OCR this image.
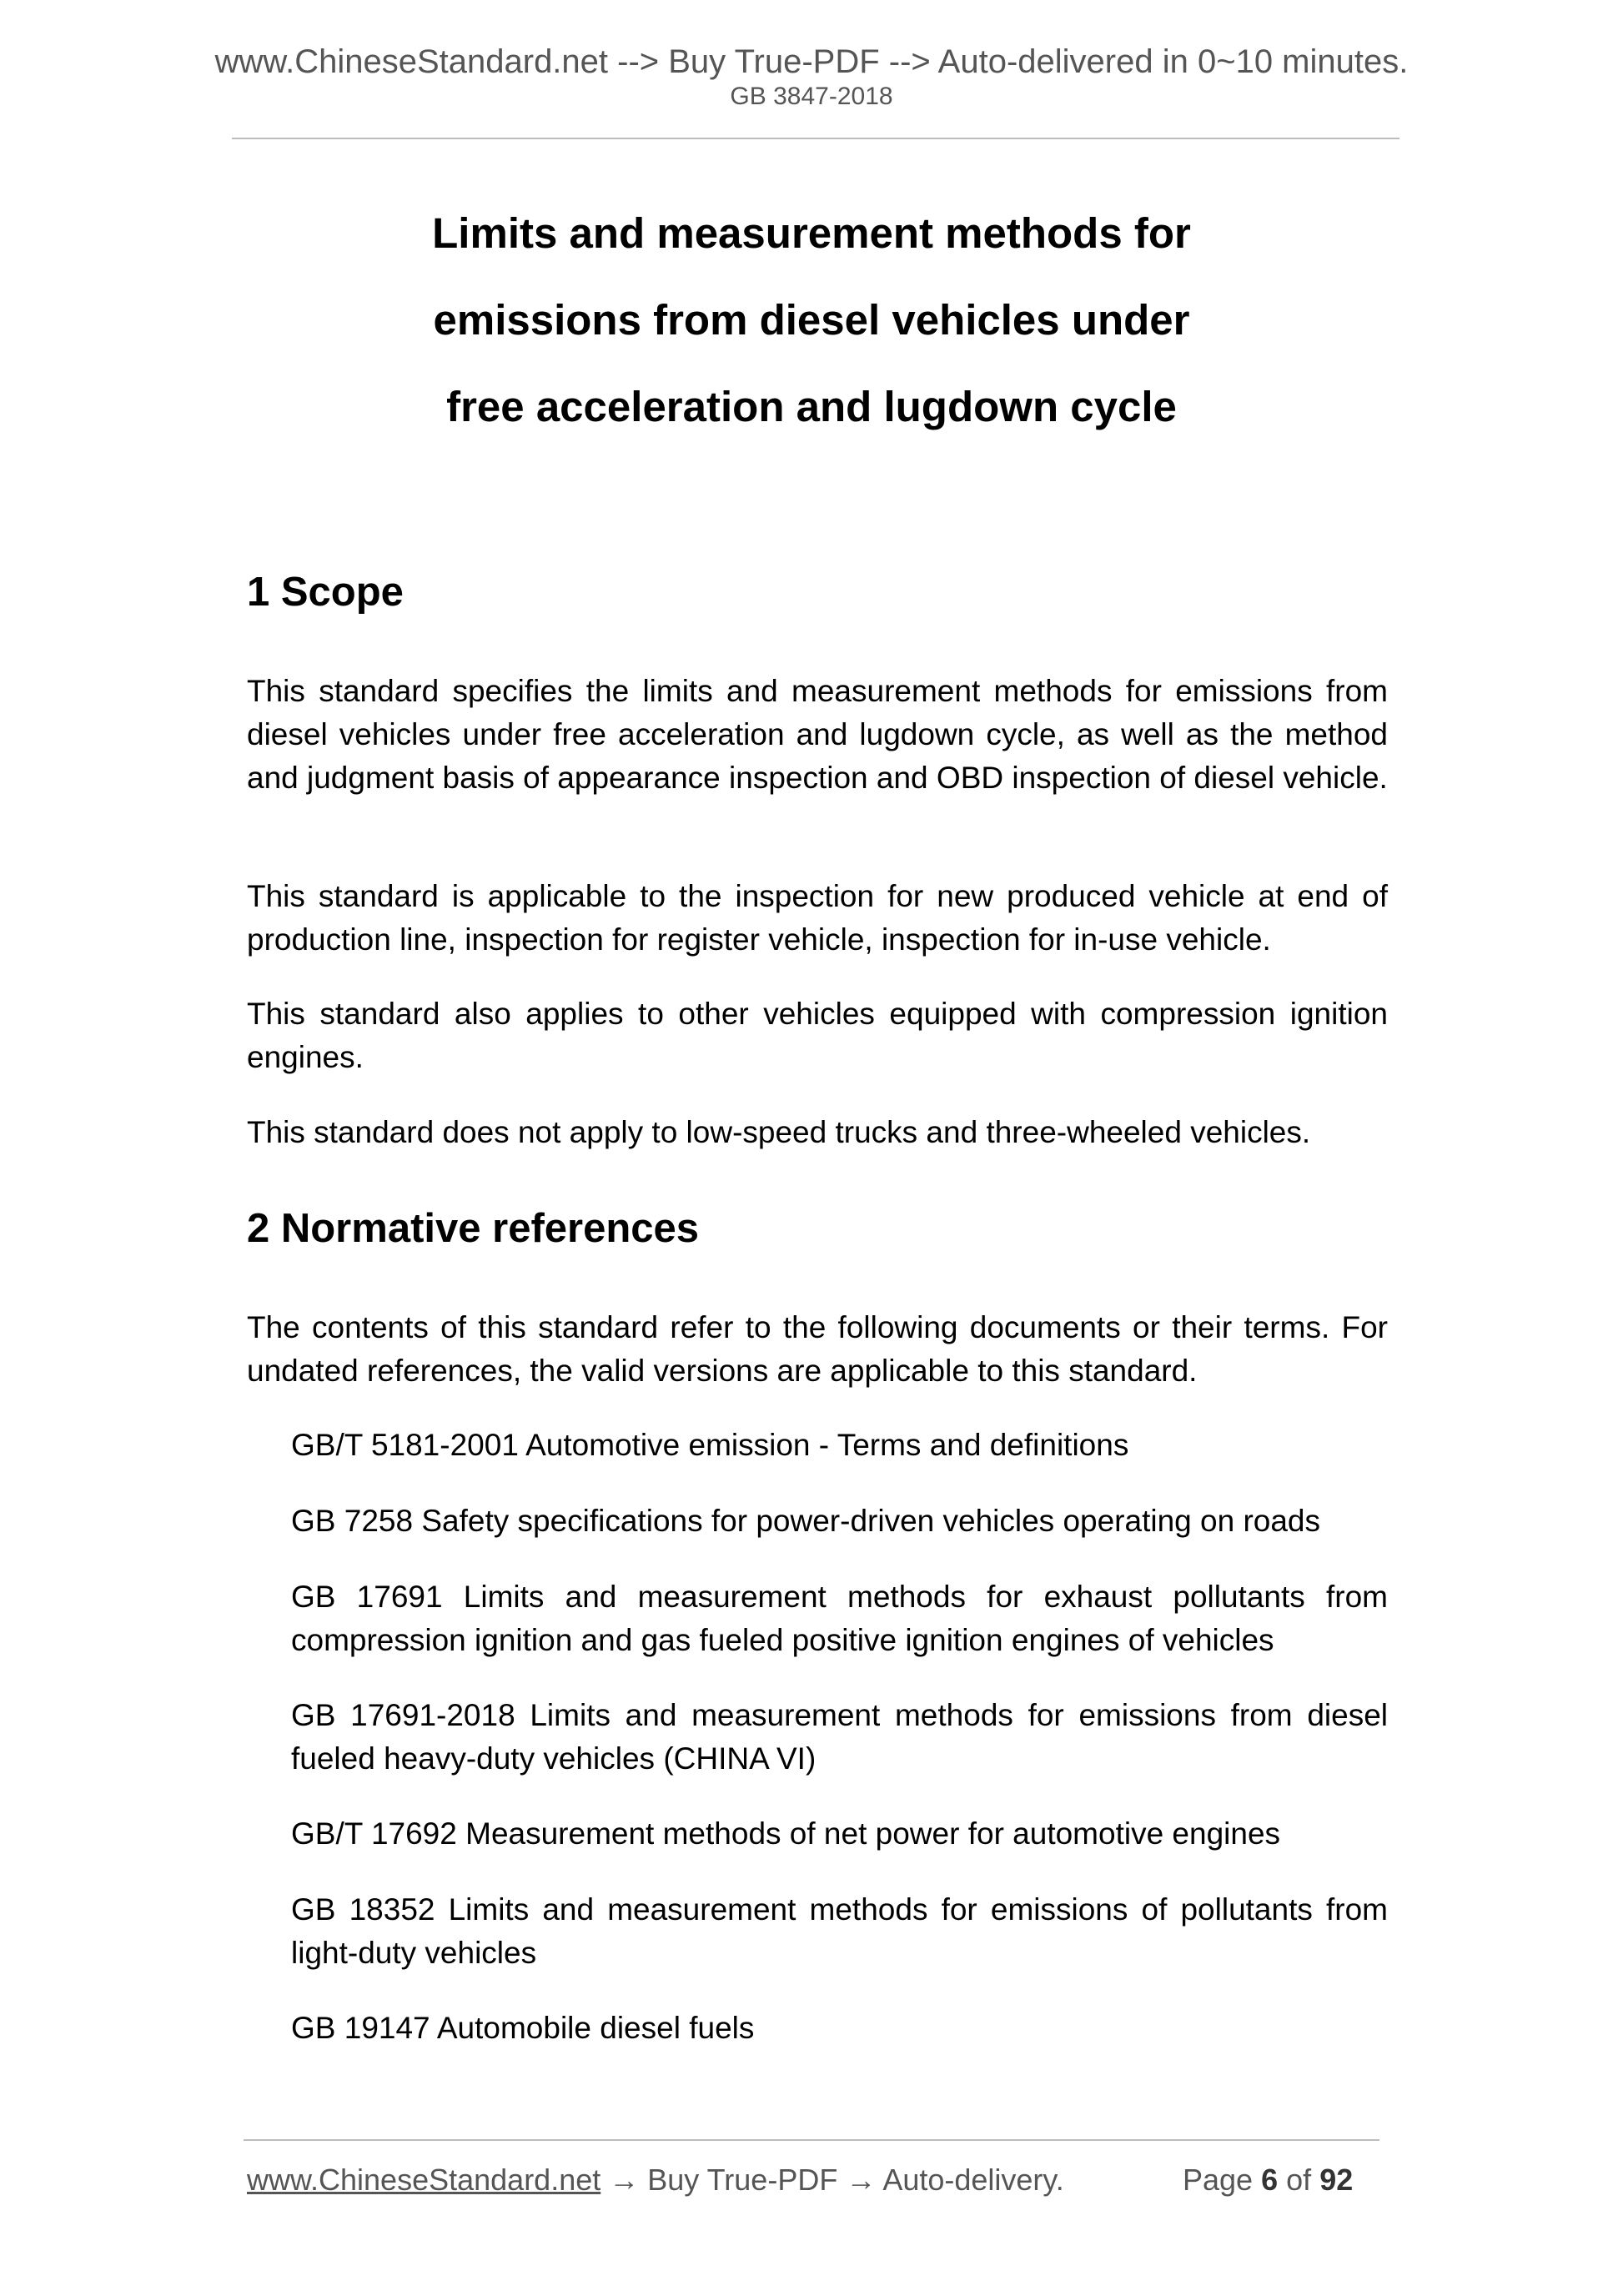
www.ChineseStandard.net --> Buy True-PDF --> Auto-delivered in 0~10 minutes.
GB 3847-2018
Limits and measurement methods for
emissions from diesel vehicles under
free acceleration and lugdown cycle
1 Scope
This standard specifies the limits and measurement methods for emissions from diesel vehicles under free acceleration and lugdown cycle, as well as the method and judgment basis of appearance inspection and OBD inspection of diesel vehicle.
This standard is applicable to the inspection for new produced vehicle at end of production line, inspection for register vehicle, inspection for in-use vehicle.
This standard also applies to other vehicles equipped with compression ignition engines.
This standard does not apply to low-speed trucks and three-wheeled vehicles.
2 Normative references
The contents of this standard refer to the following documents or their terms. For undated references, the valid versions are applicable to this standard.
GB/T 5181-2001 Automotive emission - Terms and definitions
GB 7258 Safety specifications for power-driven vehicles operating on roads
GB 17691 Limits and measurement methods for exhaust pollutants from compression ignition and gas fueled positive ignition engines of vehicles
GB 17691-2018 Limits and measurement methods for emissions from diesel fueled heavy-duty vehicles (CHINA VI)
GB/T 17692 Measurement methods of net power for automotive engines
GB 18352 Limits and measurement methods for emissions of pollutants from light-duty vehicles
GB 19147 Automobile diesel fuels
www.ChineseStandard.net → Buy True-PDF → Auto-delivery.	Page 6 of 92
